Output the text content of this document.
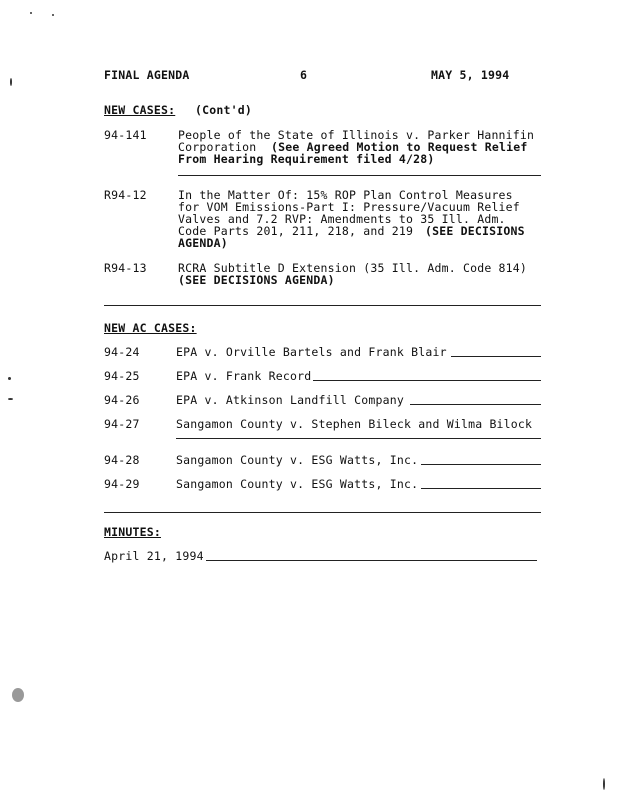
FINAL AGENDA	6	MAY 5, 1994
NEW CASES: (Cont'd)
94-141	People of the State of Illinois v. Parker Hannifin
Corporation (See Agreed Motion to Request Relief
From Hearing Requirement filed 4/28)
R94-12	In the Matter Of: 15% ROP Plan Control Measures
for VOM Emissions-Part I: Pressure/Vacuum Relief
Valves and 7.2 RVP: Amendments to 35 Ill. Adm.
Code Parts 201, 211, 218, and 219 (SEE DECISIONS
AGENDA)
R94-13	RCRA Subtitle D Extension (35 Ill. Adm. Code 814)
(SEE DECISIONS AGENDA)
NEW AC CASES:
94-24	EPA v. Orville Bartels and Frank Blair
94-25	EPA v. Frank Record
94-26	EPA v. Atkinson Landfill Company
94-27	Sangamon County v. Stephen Bileck and Wilma Bilock
94-28	Sangamon County v. ESG Watts, Inc.
94-29	Sangamon County v. ESG Watts, Inc.
MINUTES:
April 21, 1994
